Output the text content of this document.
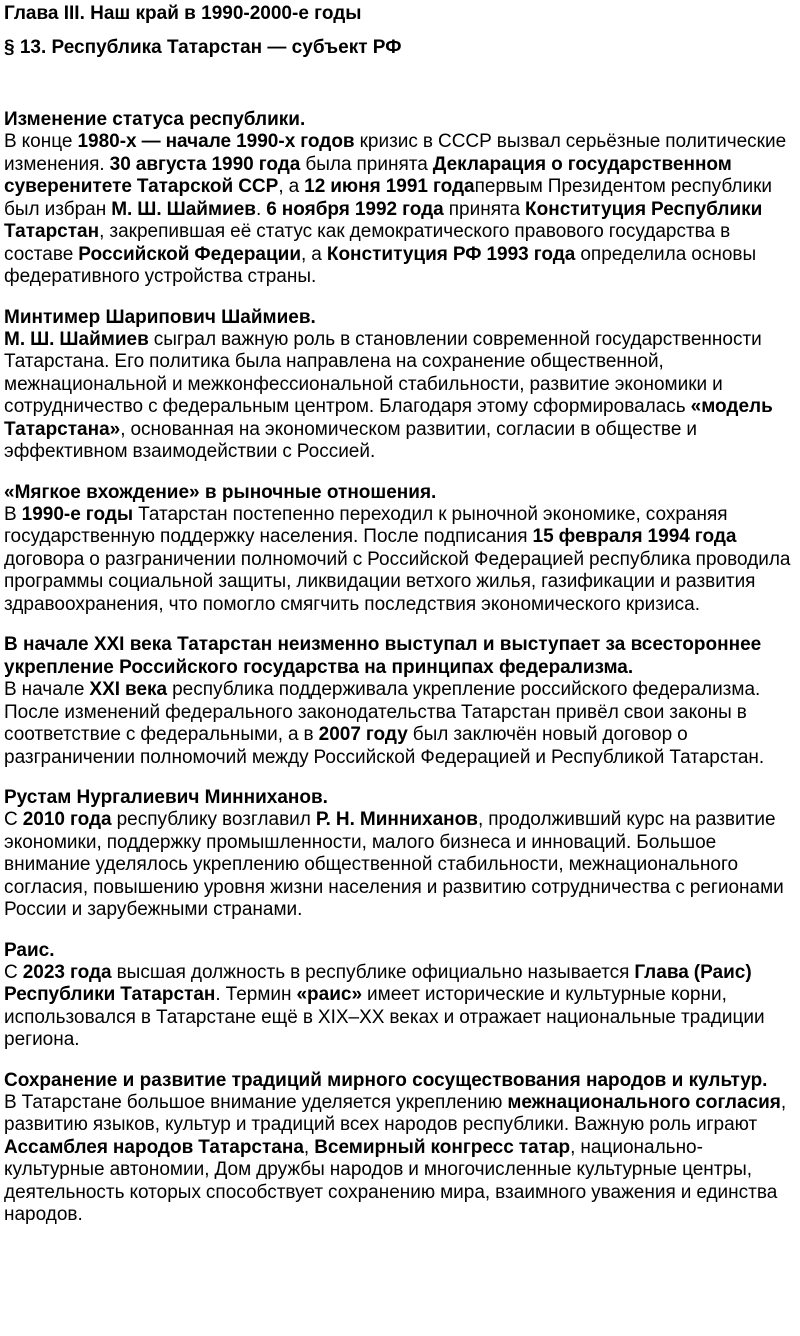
Глава III. Наш край в 1990-2000-е годы
§ 13. Республика Татарстан — субъект РФ
Изменение статуса республики.
В конце 1980-х — начале 1990-х годов кризис в СССР вызвал серьёзные политические изменения. 30 августа 1990 года была принята Декларация о государственном суверенитете Татарской ССР, а 12 июня 1991 годапервым Президентом республики был избран М. Ш. Шаймиев. 6 ноября 1992 года принята Конституция Республики Татарстан, закрепившая её статус как демократического правового государства в составе Российской Федерации, а Конституция РФ 1993 года определила основы федеративного устройства страны.
Минтимер Шарипович Шаймиев.
М. Ш. Шаймиев сыграл важную роль в становлении современной государственности Татарстана. Его политика была направлена на сохранение общественной, межнациональной и межконфессиональной стабильности, развитие экономики и сотрудничество с федеральным центром. Благодаря этому сформировалась «модель Татарстана», основанная на экономическом развитии, согласии в обществе и эффективном взаимодействии с Россией.
«Мягкое вхождение» в рыночные отношения.
В 1990-е годы Татарстан постепенно переходил к рыночной экономике, сохраняя государственную поддержку населения. После подписания 15 февраля 1994 года договора о разграничении полномочий с Российской Федерацией республика проводила программы социальной защиты, ликвидации ветхого жилья, газификации и развития здравоохранения, что помогло смягчить последствия экономического кризиса.
В начале XXI века Татарстан неизменно выступал и выступает за всестороннее укрепление Российского государства на принципах федерализма.
В начале XXI века республика поддерживала укрепление российского федерализма. После изменений федерального законодательства Татарстан привёл свои законы в соответствие с федеральными, а в 2007 году был заключён новый договор о разграничении полномочий между Российской Федерацией и Республикой Татарстан.
Рустам Нургалиевич Минниханов.
С 2010 года республику возглавил Р. Н. Минниханов, продолживший курс на развитие экономики, поддержку промышленности, малого бизнеса и инноваций. Большое внимание уделялось укреплению общественной стабильности, межнационального согласия, повышению уровня жизни населения и развитию сотрудничества с регионами России и зарубежными странами.
Раис.
С 2023 года высшая должность в республике официально называется Глава (Раис) Республики Татарстан. Термин «раис» имеет исторические и культурные корни, использовался в Татарстане ещё в XIX–XX веках и отражает национальные традиции региона.
Сохранение и развитие традиций мирного сосуществования народов и культур.
В Татарстане большое внимание уделяется укреплению межнационального согласия, развитию языков, культур и традиций всех народов республики. Важную роль играют Ассамблея народов Татарстана, Всемирный конгресс татар, национально-культурные автономии, Дом дружбы народов и многочисленные культурные центры, деятельность которых способствует сохранению мира, взаимного уважения и единства народов.
